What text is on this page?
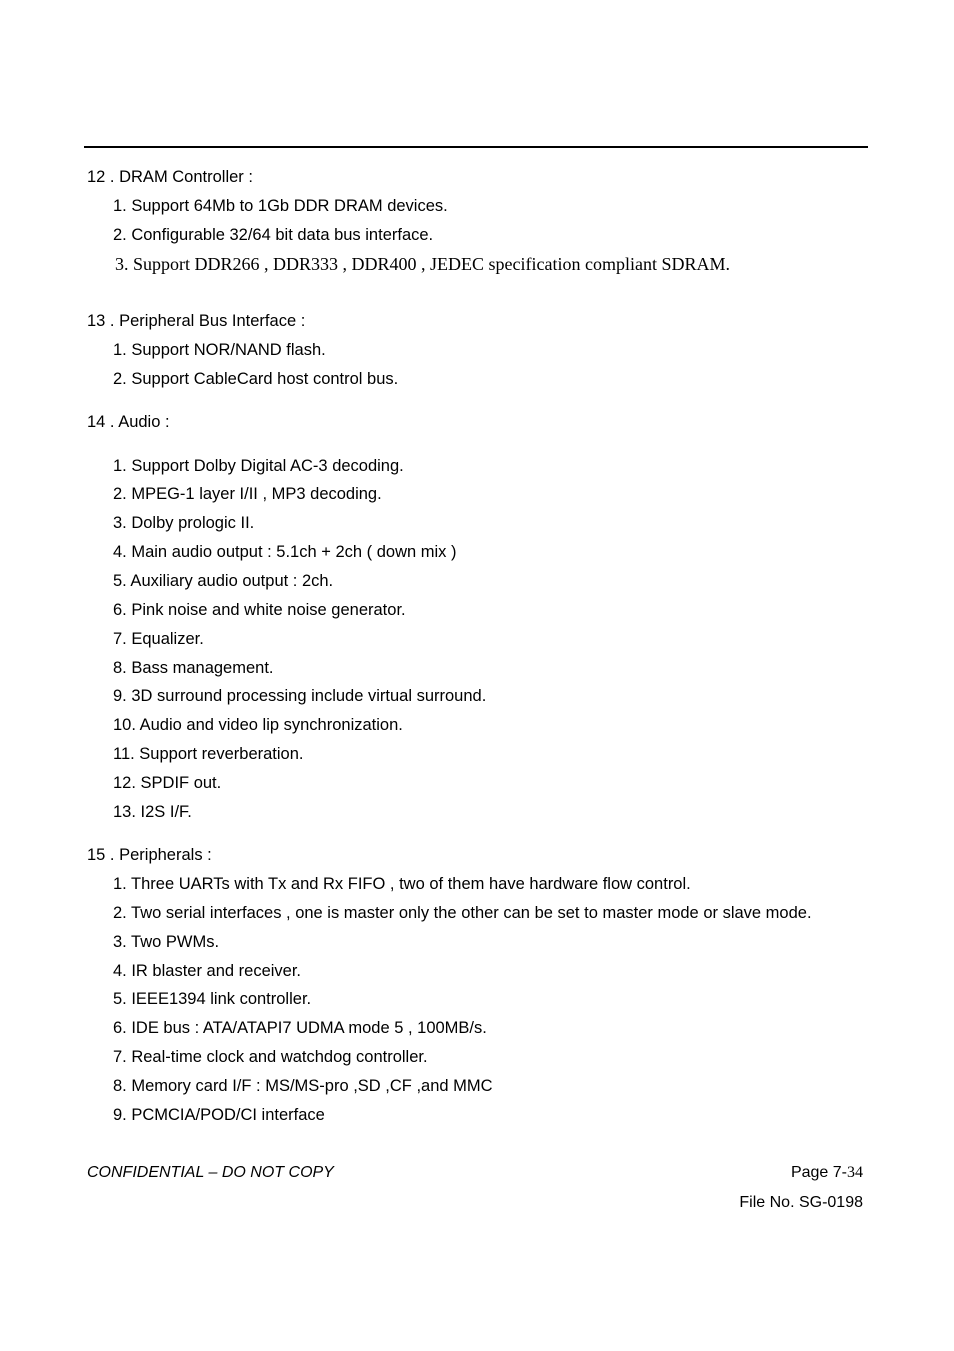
12 . DRAM Controller :
1. Support 64Mb to 1Gb DDR DRAM devices.
2. Configurable 32/64 bit data bus interface.
3. Support DDR266 , DDR333 , DDR400 , JEDEC specification compliant SDRAM.
13 . Peripheral Bus Interface :
1. Support NOR/NAND flash.
2. Support CableCard host control bus.
14 . Audio :
1. Support Dolby Digital AC-3 decoding.
2. MPEG-1 layer I/II , MP3 decoding.
3. Dolby prologic II.
4. Main audio output : 5.1ch + 2ch ( down mix )
5. Auxiliary audio output : 2ch.
6. Pink noise and white noise generator.
7. Equalizer.
8. Bass management.
9. 3D surround processing include virtual surround.
10. Audio and video lip synchronization.
11. Support reverberation.
12. SPDIF out.
13. I2S I/F.
15 . Peripherals :
1. Three UARTs with Tx and Rx FIFO , two of them have hardware flow control.
2. Two serial interfaces , one is master only the other can be set to master mode or slave mode.
3. Two PWMs.
4. IR blaster and receiver.
5. IEEE1394 link controller.
6. IDE bus : ATA/ATAPI7 UDMA mode 5 , 100MB/s.
7. Real-time clock and watchdog controller.
8. Memory card I/F : MS/MS-pro ,SD ,CF ,and MMC
9. PCMCIA/POD/CI interface
CONFIDENTIAL – DO NOT COPY	Page 7-34
File No. SG-0198
